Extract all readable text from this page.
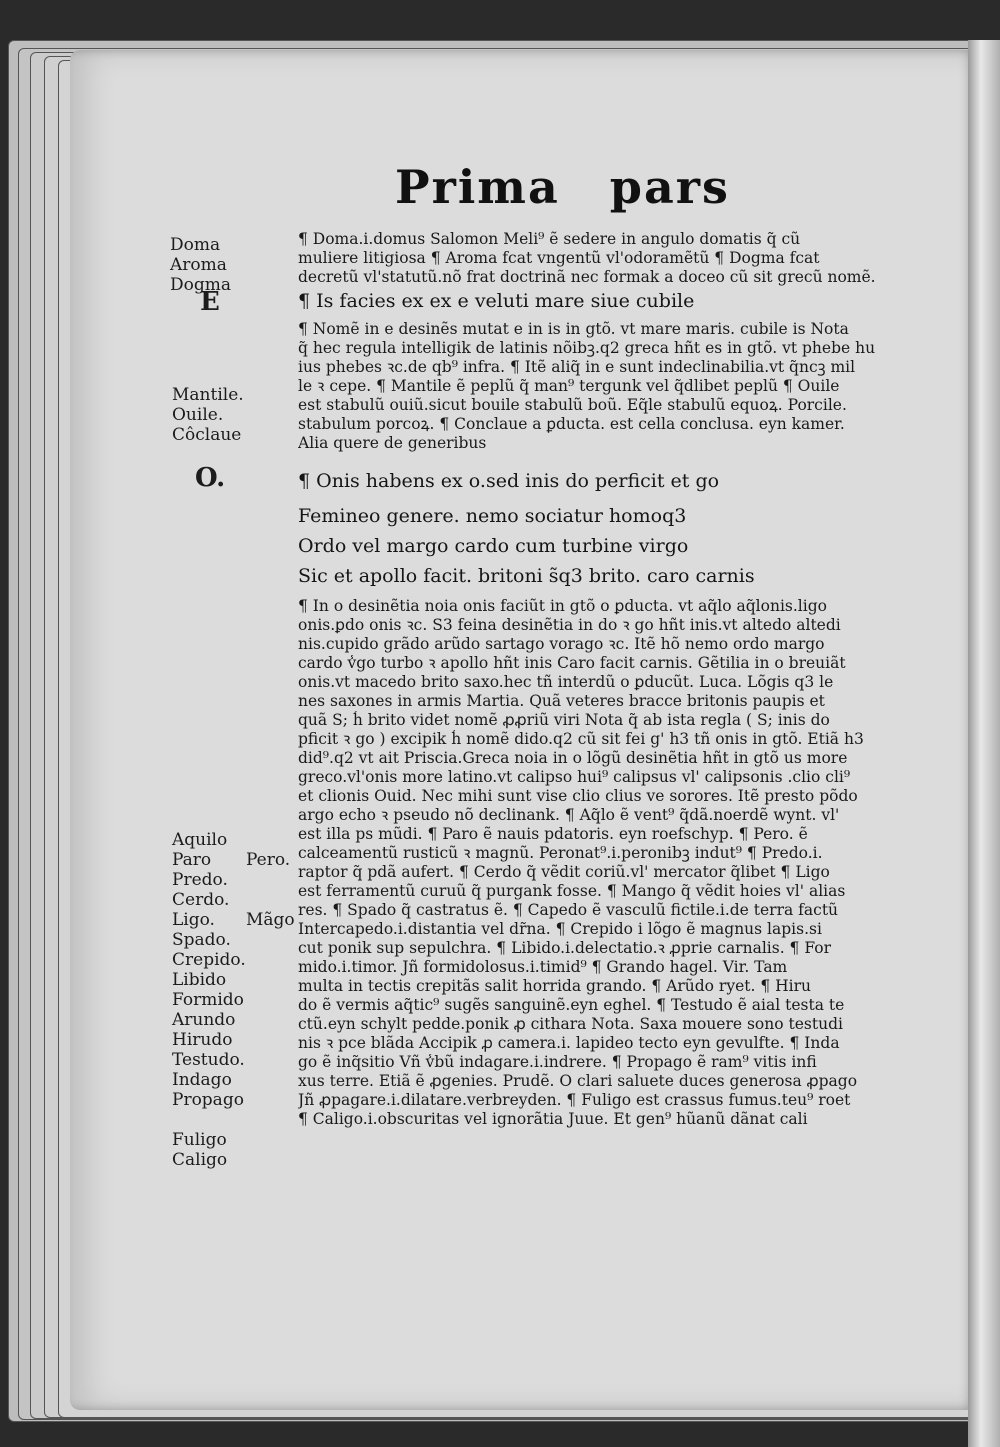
Prima pars
Doma
Aroma
Dogma
E
Mantile.
Ouile.
Côclaue
O.
Aquilo
Paro
Predo.
Cerdo.
Ligo.
Spado.
Crepido.
Libido
Formido
Arundo
Hirudo
Testudo.
Indago
Propago
Fuligo
Caligo
Pero.
Mãgo
¶ Doma.i.domus Salomon Meli⁹ ẽ sedere in angulo domatis q̃ cũ
muliere litigiosa ¶ Aroma fcat vngentũ vl'odoramẽtũ ¶ Dogma fcat
decretũ vl'statutũ.nõ frat doctrinã nec formak a doceo cũ sit grecũ nomẽ.
¶ Is facies ex ex e veluti mare siue cubile
¶ Nomẽ in e desinẽs mutat e in is in gtõ. vt mare maris. cubile is Nota
q̃ hec regula intelligik de latinis nõibꝫ.q2 greca hñt es in gtõ. vt phebe hu
ius phebes ꝛc.de qb⁹ infra. ¶ Itẽ aliq̃ in e sunt indeclinabilia.vt q̃ncꝫ mil
le ꝛ cepe. ¶ Mantile ẽ peplũ q̃ man⁹ tergunk vel q̃dlibet peplũ ¶ Ouile
est stabulũ ouiũ.sicut bouile stabulũ boũ. Eq̃le stabulũ equoꝝ. Porcile.
stabulum porcoꝝ. ¶ Conclaue a ꝑducta. est cella conclusa. eyn kamer.
Alia quere de generibus
¶ Onis habens ex o.sed inis do perficit et go
Femineo genere. nemo sociatur homoq3
Ordo vel margo cardo cum turbine virgo
Sic et apollo facit. britoni s̃q3 brito. caro carnis
¶ In o desinẽtia noia onis faciũt in gtõ o ꝑducta. vt aq̃lo aq̃lonis.ligo
onis.ꝑdo onis ꝛc. S3 feina desinẽtia in do ꝛ go hñt inis.vt altedo altedi
nis.cupido grãdo arũdo sartago vorago ꝛc. Itẽ hõ nemo ordo margo
cardo v̾go turbo ꝛ apollo hñt inis Caro facit carnis. Gẽtilia in o breuiãt
onis.vt macedo brito saxo.hec tñ interdũ o ꝑducũt. Luca. Lõgis q3 le
nes saxones in armis Martia. Quã veteres bracce britonis paupis et
quã S; h̾ brito videt nomẽ ꝓꝓriũ viri Nota q̃ ab ista regla ( S; inis do
pficit ꝛ go ) excipik h̾ nomẽ dido.q2 cũ sit fei g' h3 tñ onis in gtõ. Etiã h3
did⁹.q2 vt ait Priscia.Greca noia in o lõgũ desinẽtia hñt in gtõ us more
greco.vl'onis more latino.vt calipso hui⁹ calipsus vl' calipsonis .clio cli⁹
et clionis Ouid. Nec mihi sunt vise clio clius ve sorores. Itẽ presto põdo
argo echo ꝛ pseudo nõ declinank. ¶ Aq̃lo ẽ vent⁹ q̃dã.noerdẽ wynt. vl'
est illa ps mũdi. ¶ Paro ẽ nauis pdatoris. eyn roefschyp. ¶ Pero. ẽ
calceamentũ rusticũ ꝛ magnũ. Peronat⁹.i.peronibꝫ indut⁹ ¶ Predo.i.
raptor q̃ pdã aufert. ¶ Cerdo q̃ vẽdit coriũ.vl' mercator q̃libet ¶ Ligo
est ferramentũ curuũ q̃ purgank fosse. ¶ Mango q̃ vẽdit hoies vl' alias
res. ¶ Spado q̃ castratus ẽ. ¶ Capedo ẽ vasculũ fictile.i.de terra factũ
Intercapedo.i.distantia vel dr̃na. ¶ Crepido i lõgo ẽ magnus lapis.si
cut ponik sup sepulchra. ¶ Libido.i.delectatio.ꝛ ꝓprie carnalis. ¶ For
mido.i.timor. Jñ formidolosus.i.timid⁹ ¶ Grando hagel. Vir. Tam
multa in tectis crepitãs salit horrida grando. ¶ Arũdo ryet. ¶ Hiru
do ẽ vermis aq̃tic⁹ sugẽs sanguinẽ.eyn eghel. ¶ Testudo ẽ aial testa te
ctũ.eyn schylt pedde.ponik ꝓ cithara Nota. Saxa mouere sono testudi
nis ꝛ pce blãda Accipik ꝓ camera.i. lapideo tecto eyn gevulfte. ¶ Inda
go ẽ inq̃sitio Vñ v̾bũ indagare.i.indrere. ¶ Propago ẽ ram⁹ vitis infi
xus terre. Etiã ẽ ꝓgenies. Prudẽ. O clari saluete duces generosa ꝓpago
Jñ ꝓpagare.i.dilatare.verbreyden. ¶ Fuligo est crassus fumus.teu⁹ roet
¶ Caligo.i.obscuritas vel ignorãtia Juue. Et gen⁹ hũanũ dãnat cali
